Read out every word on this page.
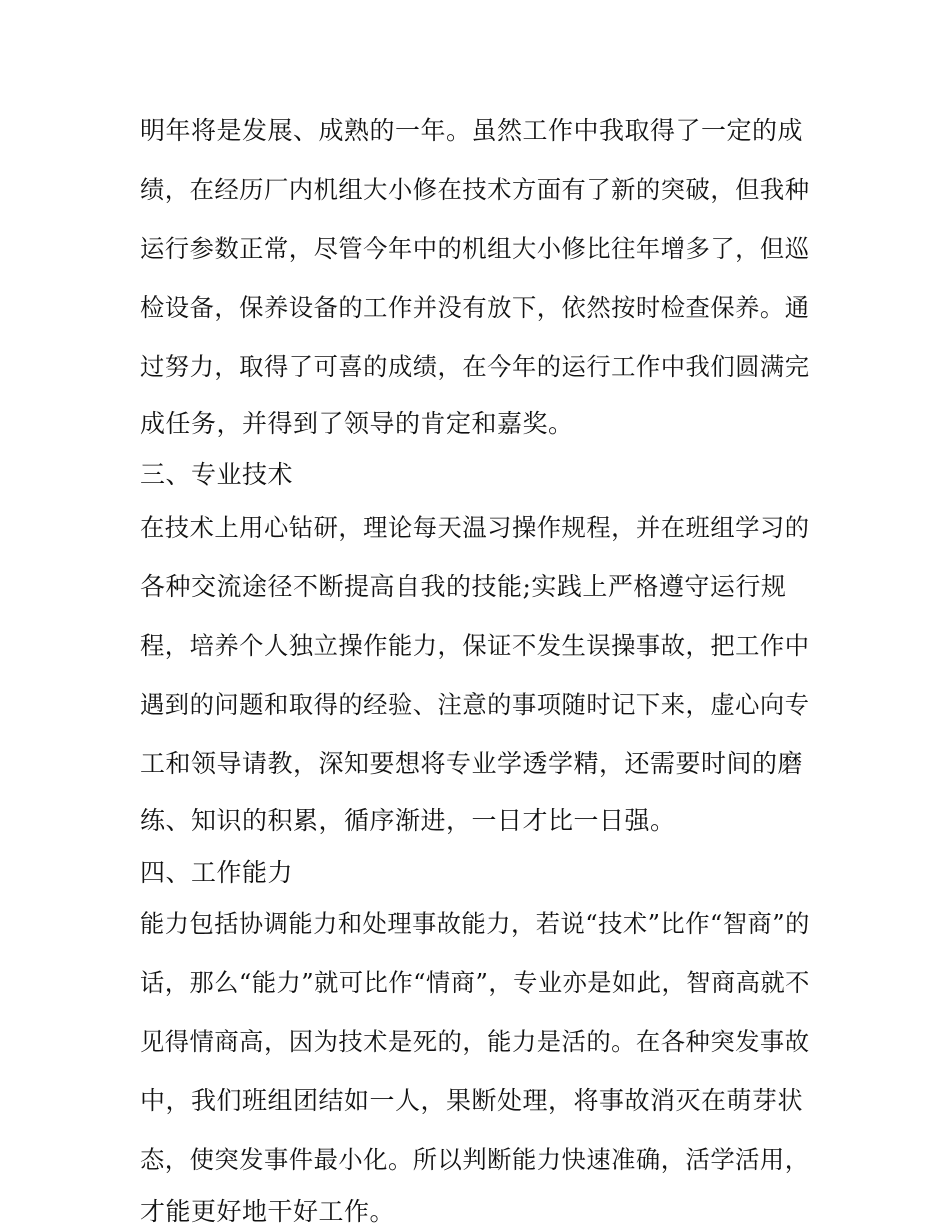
明年将是发展、成熟的一年。虽然工作中我取得了一定的成
绩，在经历厂内机组大小修在技术方面有了新的突破，但我种
运行参数正常，尽管今年中的机组大小修比往年增多了，但巡
检设备，保养设备的工作并没有放下，依然按时检查保养。通
过努力，取得了可喜的成绩，在今年的运行工作中我们圆满完
成任务，并得到了领导的肯定和嘉奖。
三、专业技术
在技术上用心钻研，理论每天温习操作规程，并在班组学习的
各种交流途径不断提高自我的技能;实践上严格遵守运行规
程，培养个人独立操作能力，保证不发生误操事故，把工作中
遇到的问题和取得的经验、注意的事项随时记下来，虚心向专
工和领导请教，深知要想将专业学透学精，还需要时间的磨
练、知识的积累，循序渐进，一日才比一日强。
四、工作能力
能力包括协调能力和处理事故能力，若说“技术”比作“智商”的
话，那么“能力”就可比作“情商”，专业亦是如此，智商高就不
见得情商高，因为技术是死的，能力是活的。在各种突发事故
中，我们班组团结如一人，果断处理，将事故消灭在萌芽状
态，使突发事件最小化。所以判断能力快速准确，活学活用，
才能更好地干好工作。
